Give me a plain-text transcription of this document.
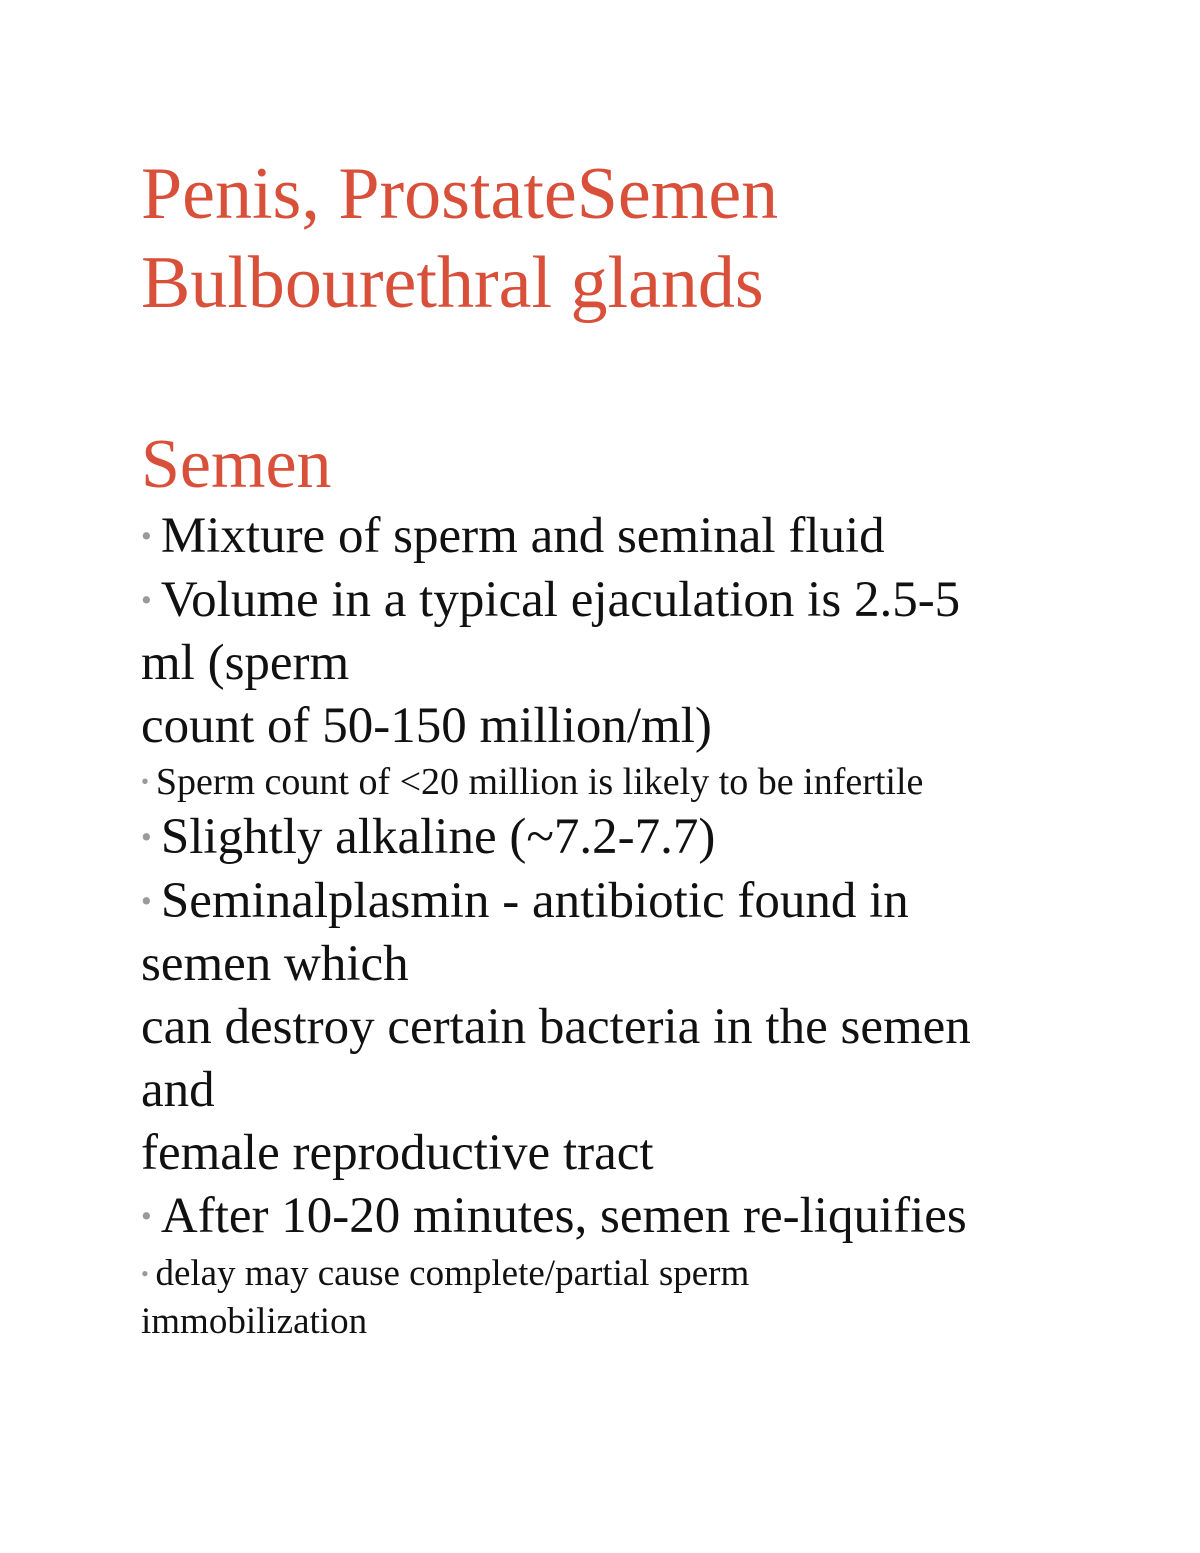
Penis, ProstateSemen
Bulbourethral glands
Semen
• Mixture of sperm and seminal fluid
• Volume in a typical ejaculation is 2.5-5
ml (sperm
count of 50-150 million/ml)
• Sperm count of <20 million is likely to be infertile
• Slightly alkaline (~7.2-7.7)
• Seminalplasmin - antibiotic found in
semen which
can destroy certain bacteria in the semen
and
female reproductive tract
• After 10-20 minutes, semen re-liquifies
• delay may cause complete/partial sperm
immobilization
